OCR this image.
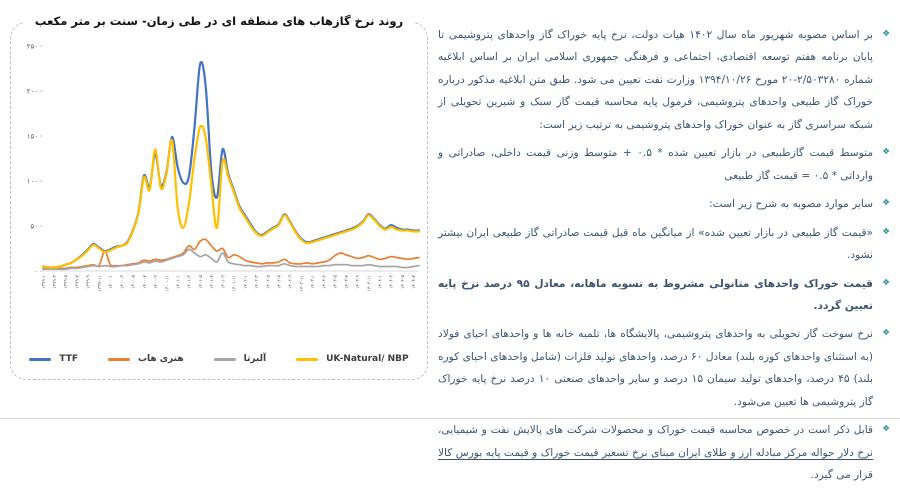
روند نرخ گازهاب های منطقه ای در طی زمان- سنت بر متر مکعب
۰
۵۰
۱۰۰
۱۵۰
۲۰۰
۲۵۰
۱۳۹۹-۱ ۱۳۹۹-۳ ۱۳۹۹-۵ ۱۳۹۹-۷ ۱۳۹۹-۹ ۱۳۹۹-۱۱ ۱۴۰۰-۱ ۱۴۰۰-۳ ۱۴۰۰-۵ ۱۴۰۰-۷ ۱۴۰۰-۹ ۱۴۰۰-۱۱ ۱۴۰۱-۱ ۱۴۰۱-۳ ۱۴۰۱-۵ ۱۴۰۱-۷ ۱۴۰۱-۹ ۱۴۰۱-۱۱ ۱۴۰۲-۱ ۱۴۰۲-۳ ۱۴۰۲-۵ ۱۴۰۲-۷ ۱۴۰۲-۹ ۱۴۰۲-۱۱ ۱۴۰۳-۱ ۱۴۰۳-۳ ۱۴۰۳-۵ ۱۴۰۳-۷ ۱۴۰۳-۹ ۱۴۰۳-۱۱ ۱۴۰۴-۱ ۱۴۰۴-۳ ۱۴۰۴-۵ ۱۴۰۴-۷
TTF	هنری هاب	آلبرتا	UK-Natural/ NBP
❖
بر اساس مصوبه شهریور ماه سال ۱۴۰۲ هیات دولت، نرخ پایه خوراک گاز واحدهای پتروشیمی تا پایان برنامه هفتم توسعه اقتصادی، اجتماعی و فرهنگی جمهوری اسلامی ایران بر اساس ابلاغیه شماره ۲/۵۰۳۲۸۰-۲۰ مورخ ۱۳۹۴/۱۰/۲۶ وزارت نفت تعیین می شود. طبق متن ابلاغیه مذکور درباره خوراک گاز طبیعی واحدهای پتروشیمی، فرمول پایه محاسبه قیمت گاز سبک و شیرین تحویلی از شبکه سراسری گاز به عنوان خوراک واحدهای پتروشیمی به ترتیب زیر است:
❖
متوسط قیمت گازطبیعی در بازار تعیین شده * ۰.۵ + متوسط وزنی قیمت داخلی، صادراتی و وارداتی * ۰.۵ = قیمت گاز طبیعی
❖
سایر موارد مصوبه به شرح زیر است:
❖
«قیمت گاز طبیعی در بازار تعیین شده» از میانگین ماه قبل قیمت صادراتی گاز طبیعی ایران بیشتر نشود.
❖
قیمت خوراک واحدهای متانولی مشروط به تسویه ماهانه، معادل ۹۵ درصد نرخ پایه تعیین گردد.
❖
نرخ سوخت گاز تحویلی به واحدهای پتروشیمی، پالایشگاه ها، تلمبه خانه ها و واحدهای احیای فولاد (به استثنای واحدهای کوره بلند) معادل ۶۰ درصد، واحدهای تولید فلزات (شامل واحدهای احیای کوره بلند) ۴۵ درصد، واحدهای تولید سیمان ۱۵ درصد و سایر واحدهای صنعتی ۱۰ درصد نرخ پایه خوراک گاز پتروشیمی ها تعیین می‌شود.
❖
قابل ذکر است در خصوص محاسبه قیمت خوراک و محصولات شرکت های پالایش نفت و شیمیایی، نرخ دلار حواله مرکز مبادله ارز و طلای ایران مبنای نرخ تسعیر قیمت خوراک و قیمت پایه بورس کالا قرار می گیرد.
